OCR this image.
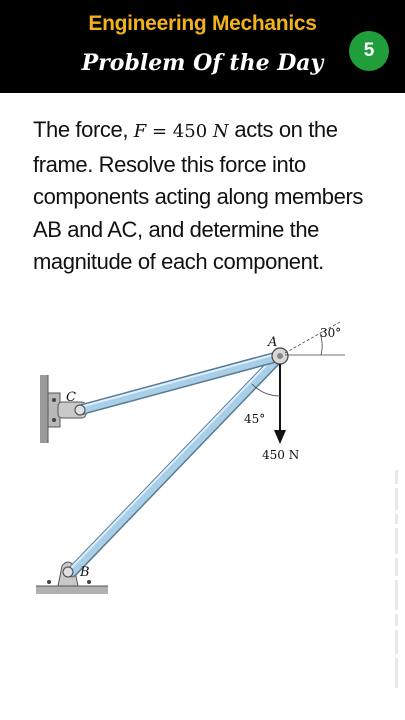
Engineering Mechanics
Problem Of the Day	5
The force, F = 450 N acts on the frame. Resolve this force into components acting along members AB and AC, and determine the magnitude of each component.
A
C
B
30°
45°
450 N
